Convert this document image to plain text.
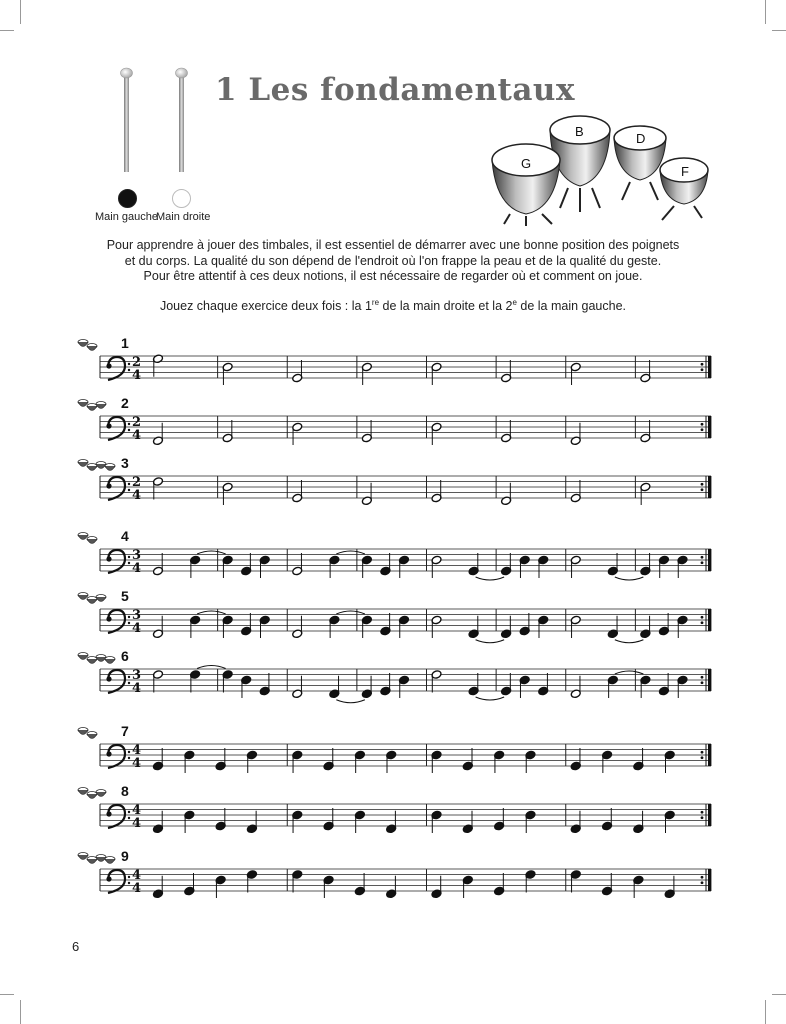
Main gauche
Main droite
1 Les fondamentaux
G
B	D
F

Pour apprendre à jouer des timbales, il est essentiel de démarrer avec une bonne position des poignets

et du corps. La qualité du son dépend de l'endroit où l'on frappe la peau et de la qualité du geste.

Pour être attentif à ces deux notions, il est nécessaire de regarder où et comment on joue.

Jouez chaque exercice deux fois : la 1re de la main droite et la 2e de la main gauche.
1
2
4
2
2
4
3
2
4
4
3
4
5
3
4
6
3
4
7
4
4
8
4
4
9
4
4
6
